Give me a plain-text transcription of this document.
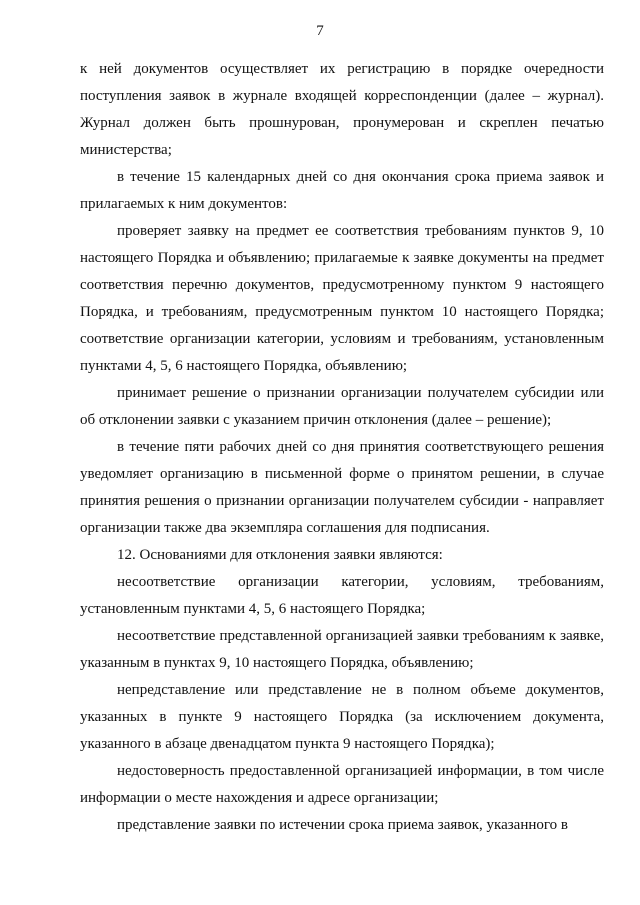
7

к ней документов осуществляет их регистрацию в порядке очередности поступления заявок в журнале входящей корреспонденции (далее – журнал). Журнал должен быть прошнурован, пронумерован и скреплен печатью министерства;

в течение 15 календарных дней со дня окончания срока приема заявок и прилагаемых к ним документов:

проверяет заявку на предмет ее соответствия требованиям пунктов 9, 10 настоящего Порядка и объявлению; прилагаемые к заявке документы на предмет соответствия перечню документов, предусмотренному пунктом 9 настоящего Порядка, и требованиям, предусмотренным пунктом 10 настоящего Порядка; соответствие организации категории, условиям и требованиям, установленным пунктами 4, 5, 6 настоящего Порядка, объявлению;

принимает решение о признании организации получателем субсидии или об отклонении заявки с указанием причин отклонения (далее – решение);

в течение пяти рабочих дней со дня принятия соответствующего решения уведомляет организацию в письменной форме о принятом решении, в случае принятия решения о признании организации получателем субсидии - направляет организации также два экземпляра соглашения для подписания.

12. Основаниями для отклонения заявки являются:

несоответствие организации категории, условиям, требованиям, установленным пунктами 4, 5, 6 настоящего Порядка;

несоответствие представленной организацией заявки требованиям к заявке, указанным в пунктах 9, 10 настоящего Порядка, объявлению;

непредставление или представление не в полном объеме документов, указанных в пункте 9 настоящего Порядка (за исключением документа, указанного в абзаце двенадцатом пункта 9 настоящего Порядка);

недостоверность предоставленной организацией информации, в том числе информации о месте нахождения и адресе организации;

представление заявки по истечении срока приема заявок, указанного в
